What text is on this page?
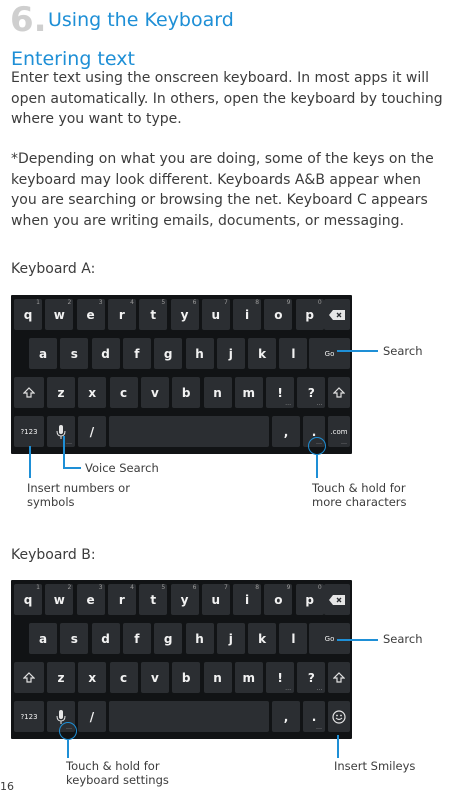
6. Using the Keyboard
Entering text
Enter text using the onscreen keyboard. In most apps it will open automatically. In others, open the keyboard by touching where you want to type.
*Depending on what you are doing, some of the keys on the keyboard may look different. Keyboards A&B appear when you are searching or browsing the net. Keyboard C appears when you are writing emails, documents, or messaging.
Keyboard A:
q
1
w
2
e
3
r
4
t
5
y
6
u
7
i
8
o
9
p
0
a s d f g h j k l	Go
z x c v b n m !
…
?
…
?123
…
/	, .
…
.com
…
Search
Voice Search
Insert numbers or symbols
Touch & hold for more characters
Keyboard B:
q
1
w
2
e
3
r
4
t
5
y
6
u
7
i
8
o
9
p
0
a s d f g h j k l	Go
z x c v b n m !
…
?
…
?123
…
/	, .
…
Search
Touch & hold for keyboard settings
Insert Smileys
16
